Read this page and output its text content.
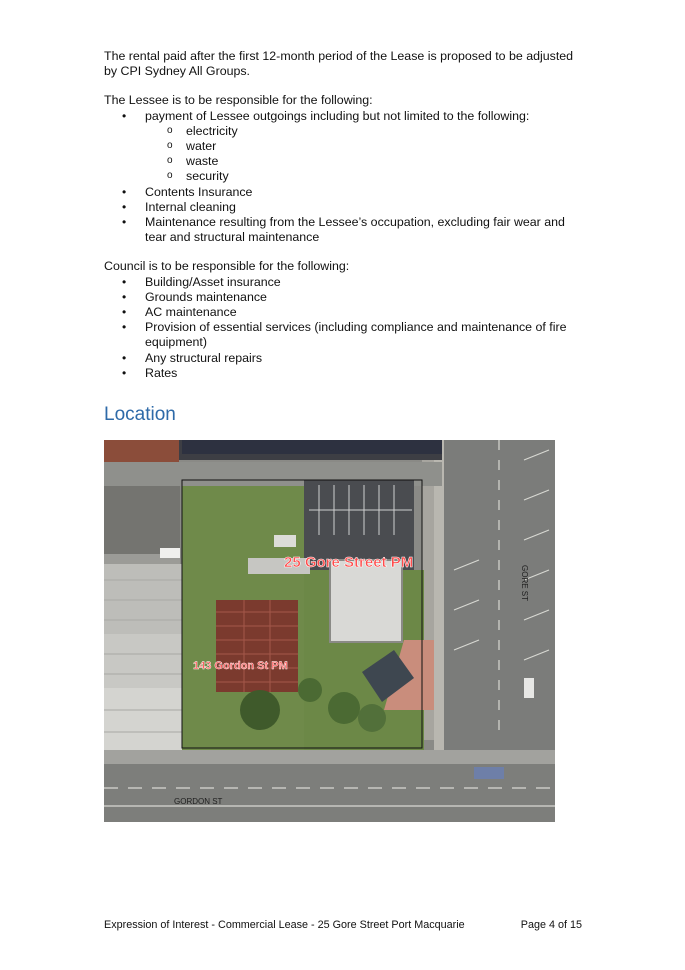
The rental paid after the first 12-month period of the Lease is proposed to be adjusted by CPI Sydney All Groups.

The Lessee is to be responsible for the following:

• payment of Lessee outgoings including but not limited to the following:
o electricity
o water
o waste
o security
• Contents Insurance
• Internal cleaning
• Maintenance resulting from the Lessee’s occupation, excluding fair wear and tear and structural maintenance

Council is to be responsible for the following:

• Building/Asset insurance
• Grounds maintenance
• AC maintenance
• Provision of essential services (including compliance and maintenance of fire equipment)
• Any structural repairs
• Rates
Location
25 Gore Street PM
143 Gordon St PM
GORE ST
GORDON ST
Expression of Interest - Commercial Lease - 25 Gore Street Port Macquarie	Page 4 of 15
